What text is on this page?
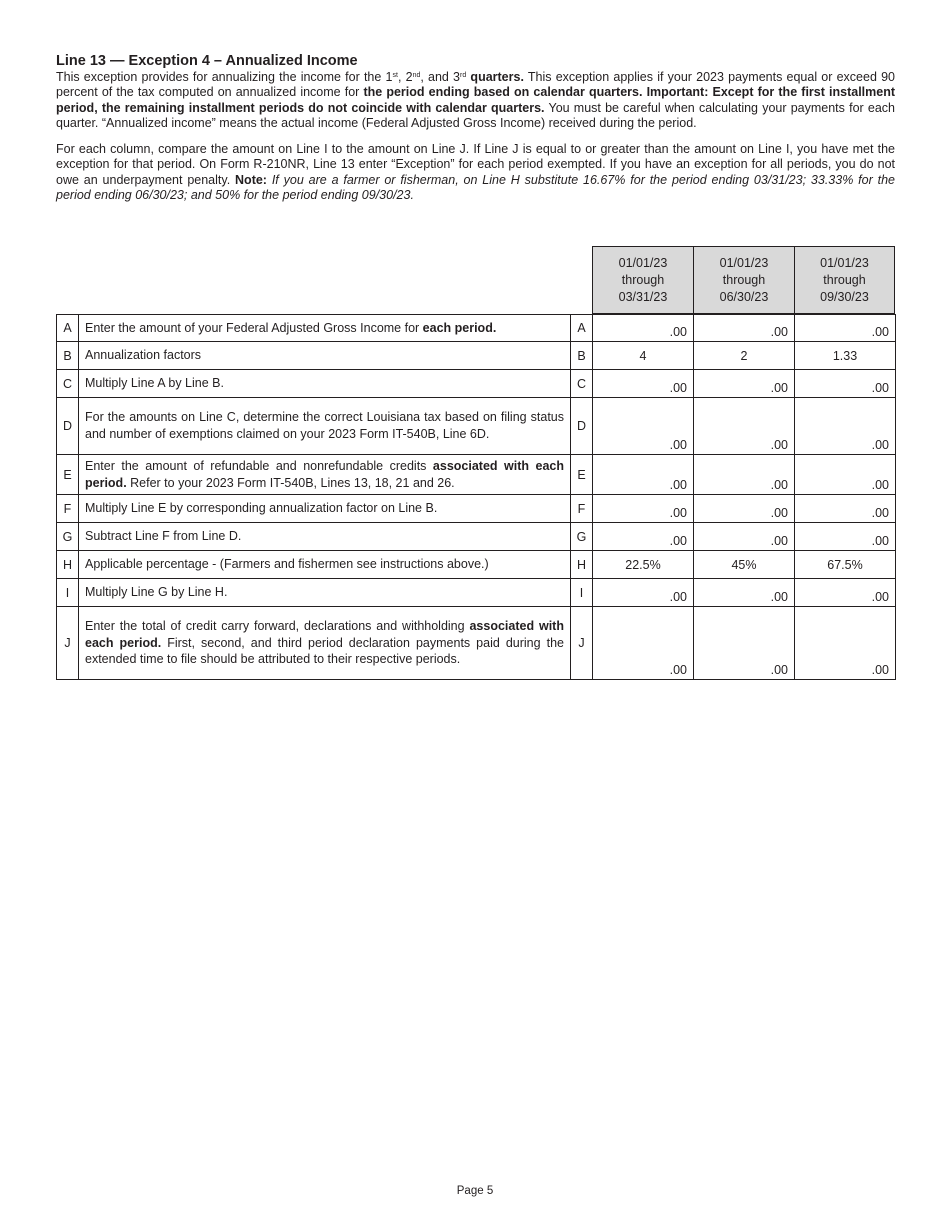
Line 13 — Exception 4 – Annualized Income

This exception provides for annualizing the income for the 1st, 2nd, and 3rd quarters. This exception applies if your 2023 payments equal or exceed 90 percent of the tax computed on annualized income for the period ending based on calendar quarters. Important: Except for the first installment period, the remaining installment periods do not coincide with calendar quarters. You must be careful when calculating your payments for each quarter. “Annualized income” means the actual income (Federal Adjusted Gross Income) received during the period.

For each column, compare the amount on Line I to the amount on Line J. If Line J is equal to or greater than the amount on Line I, you have met the exception for that period. On Form R-210NR, Line 13 enter “Exception” for each period exempted. If you have an exception for all periods, you do not owe an underpayment penalty. Note: If you are a farmer or fisherman, on Line H substitute 16.67% for the period ending 03/31/23; 33.33% for the period ending 06/30/23; and 50% for the period ending 09/30/23.

01/01/23
through
03/31/23
01/01/23
through
06/30/23
01/01/23
through
09/30/23
A	Enter the amount of your Federal Adjusted Gross Income for each period.	A	.00	.00	.00
B	Annualization factors	B	4	2	1.33
C	Multiply Line A by Line B.	C	.00	.00	.00
D	For the amounts on Line C, determine the correct Louisiana tax based on filing status and number of exemptions claimed on your 2023 Form IT-540B, Line 6D.	D	.00	.00	.00
E	Enter the amount of refundable and nonrefundable credits associated with each period. Refer to your 2023 Form IT-540B, Lines 13, 18, 21 and 26.	E	.00	.00	.00
F	Multiply Line E by corresponding annualization factor on Line B.	F	.00	.00	.00
G	Subtract Line F from Line D.	G	.00	.00	.00
H	Applicable percentage - (Farmers and fishermen see instructions above.)	H	22.5%	45%	67.5%
I	Multiply Line G by Line H.	I	.00	.00	.00
J	Enter the total of credit carry forward, declarations and withholding associated with each period. First, second, and third period declaration payments paid during the extended time to file should be attributed to their respective periods.	J	.00	.00	.00
Page 5
